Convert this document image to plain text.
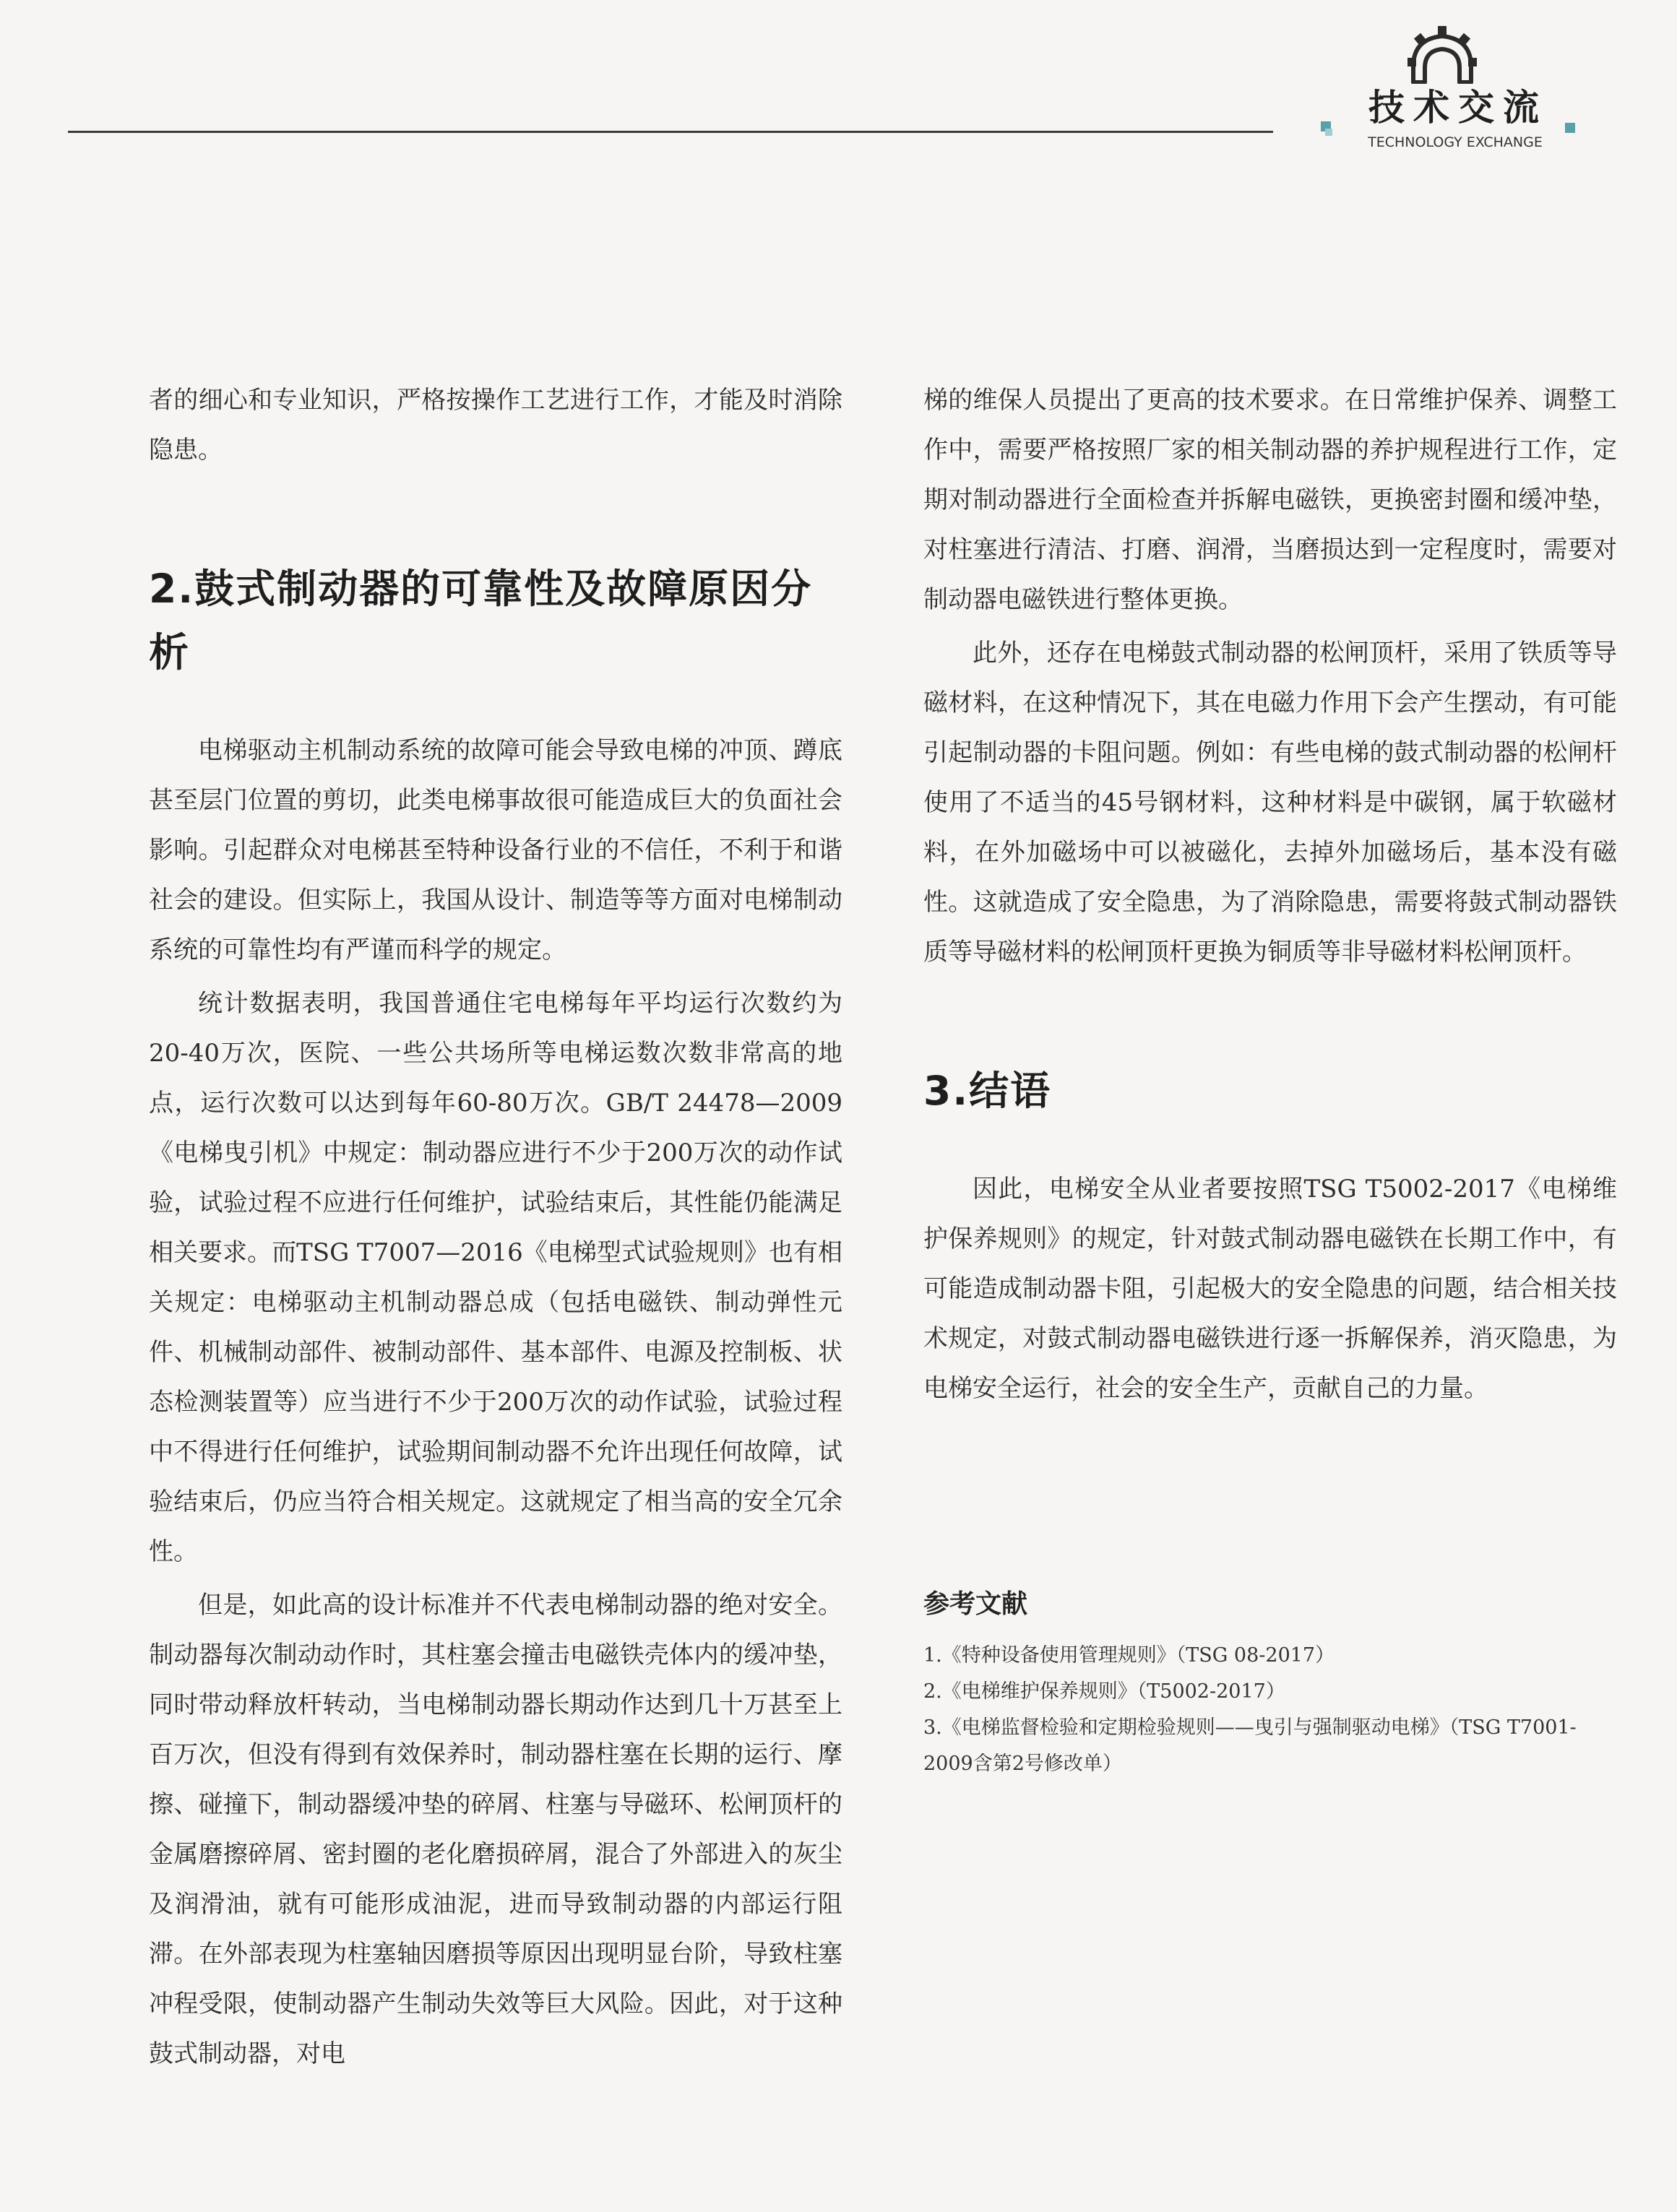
技术交流
TECHNOLOGY EXCHANGE

者的细心和专业知识，严格按操作工艺进行工作，才能及时消除隐患。

2.鼓式制动器的可靠性及故障原因分析

电梯驱动主机制动系统的故障可能会导致电梯的冲顶、蹲底甚至层门位置的剪切，此类电梯事故很可能造成巨大的负面社会影响。引起群众对电梯甚至特种设备行业的不信任，不利于和谐社会的建设。但实际上，我国从设计、制造等等方面对电梯制动系统的可靠性均有严谨而科学的规定。

统计数据表明，我国普通住宅电梯每年平均运行次数约为20-40万次，医院、一些公共场所等电梯运数次数非常高的地点，运行次数可以达到每年60-80万次。GB/T 24478—2009《电梯曳引机》中规定：制动器应进行不少于200万次的动作试验，试验过程不应进行任何维护，试验结束后，其性能仍能满足相关要求。而TSG T7007—2016《电梯型式试验规则》也有相关规定：电梯驱动主机制动器总成（包括电磁铁、制动弹性元件、机械制动部件、被制动部件、基本部件、电源及控制板、状态检测装置等）应当进行不少于200万次的动作试验，试验过程中不得进行任何维护，试验期间制动器不允许出现任何故障，试验结束后，仍应当符合相关规定。这就规定了相当高的安全冗余性。

但是，如此高的设计标准并不代表电梯制动器的绝对安全。制动器每次制动动作时，其柱塞会撞击电磁铁壳体内的缓冲垫，同时带动释放杆转动，当电梯制动器长期动作达到几十万甚至上百万次，但没有得到有效保养时，制动器柱塞在长期的运行、摩擦、碰撞下，制动器缓冲垫的碎屑、柱塞与导磁环、松闸顶杆的金属磨擦碎屑、密封圈的老化磨损碎屑，混合了外部进入的灰尘及润滑油，就有可能形成油泥，进而导致制动器的内部运行阻滞。在外部表现为柱塞轴因磨损等原因出现明显台阶，导致柱塞冲程受限，使制动器产生制动失效等巨大风险。因此，对于这种鼓式制动器，对电

梯的维保人员提出了更高的技术要求。在日常维护保养、调整工作中，需要严格按照厂家的相关制动器的养护规程进行工作，定期对制动器进行全面检查并拆解电磁铁，更换密封圈和缓冲垫，对柱塞进行清洁、打磨、润滑，当磨损达到一定程度时，需要对制动器电磁铁进行整体更换。

此外，还存在电梯鼓式制动器的松闸顶杆，采用了铁质等导磁材料，在这种情况下，其在电磁力作用下会产生摆动，有可能引起制动器的卡阻问题。例如：有些电梯的鼓式制动器的松闸杆使用了不适当的45号钢材料，这种材料是中碳钢，属于软磁材料，在外加磁场中可以被磁化，去掉外加磁场后，基本没有磁性。这就造成了安全隐患，为了消除隐患，需要将鼓式制动器铁质等导磁材料的松闸顶杆更换为铜质等非导磁材料松闸顶杆。

3.结语

因此，电梯安全从业者要按照TSG T5002-2017《电梯维护保养规则》的规定，针对鼓式制动器电磁铁在长期工作中，有可能造成制动器卡阻，引起极大的安全隐患的问题，结合相关技术规定，对鼓式制动器电磁铁进行逐一拆解保养，消灭隐患，为电梯安全运行，社会的安全生产，贡献自己的力量。

参考文献

1.《特种设备使用管理规则》（TSG 08-2017）

2.《电梯维护保养规则》（T5002-2017）

3.《电梯监督检验和定期检验规则——曳引与强制驱动电梯》（TSG T7001-2009含第2号修改单）
